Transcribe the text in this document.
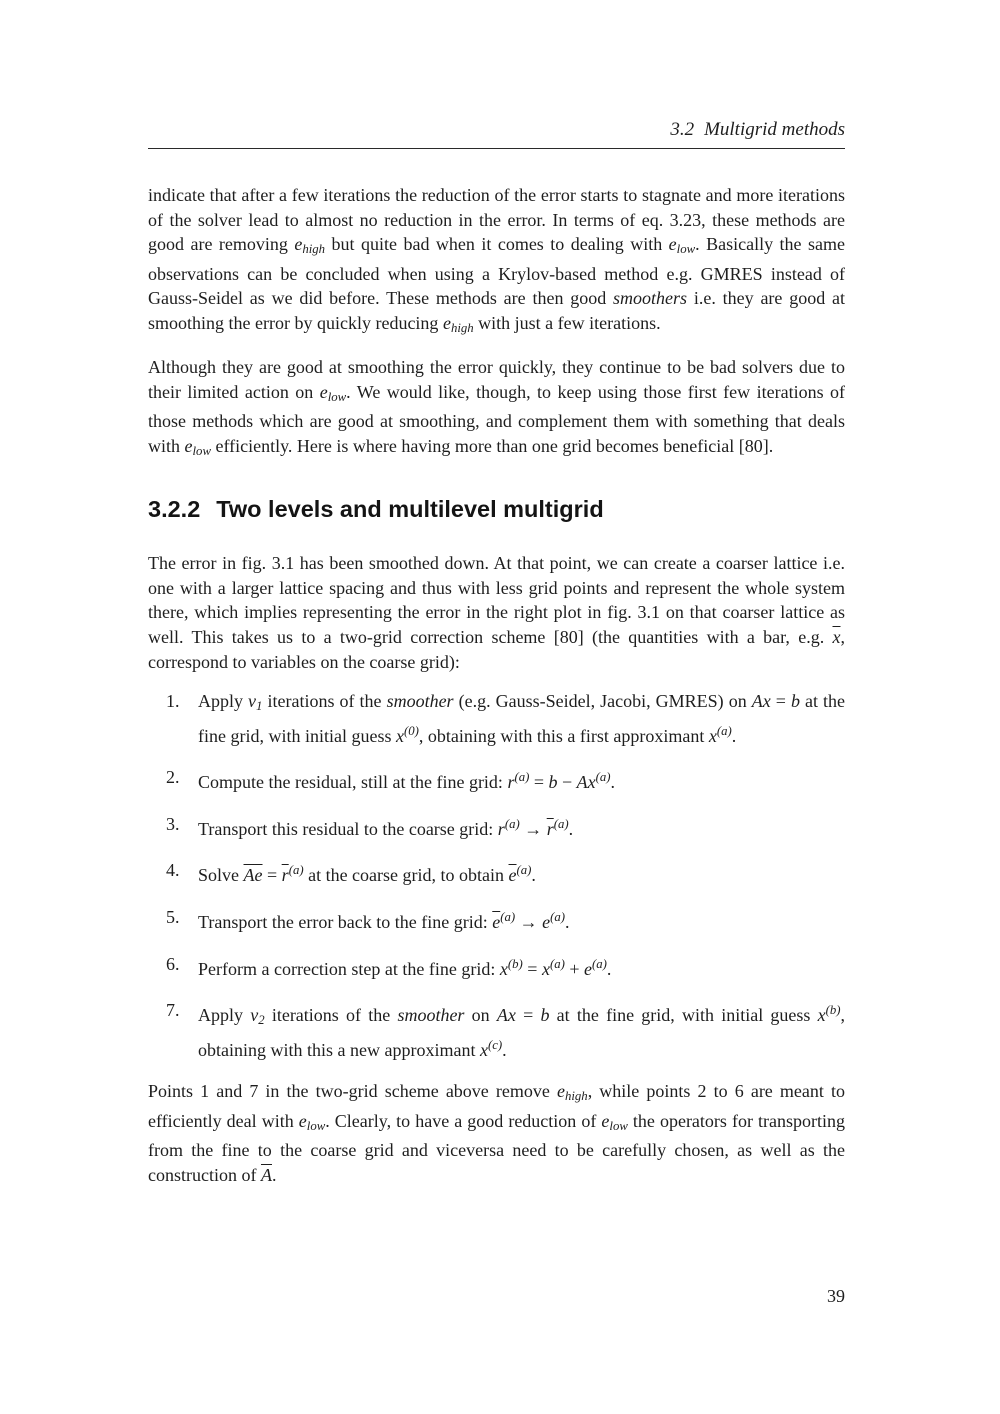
3.2 Multigrid methods

indicate that after a few iterations the reduction of the error starts to stagnate and more iterations of the solver lead to almost no reduction in the error. In terms of eq. 3.23, these methods are good are removing ehigh but quite bad when it comes to dealing with elow. Basically the same observations can be concluded when using a Krylov-based method e.g. GMRES instead of Gauss-Seidel as we did before. These methods are then good smoothers i.e. they are good at smoothing the error by quickly reducing ehigh with just a few iterations.

Although they are good at smoothing the error quickly, they continue to be bad solvers due to their limited action on elow. We would like, though, to keep using those first few iterations of those methods which are good at smoothing, and complement them with something that deals with elow efficiently. Here is where having more than one grid becomes beneficial [80].

3.2.2 Two levels and multilevel multigrid

The error in fig. 3.1 has been smoothed down. At that point, we can create a coarser lattice i.e. one with a larger lattice spacing and thus with less grid points and represent the whole system there, which implies representing the error in the right plot in fig. 3.1 on that coarser lattice as well. This takes us to a two-grid correction scheme [80] (the quantities with a bar, e.g. $\overline{x}$, correspond to variables on the coarse grid):

1. Apply ν1 iterations of the smoother (e.g. Gauss-Seidel, Jacobi, GMRES) on Ax = b at the fine grid, with initial guess $x^{(0)}$, obtaining with this a first approximant $x^{(a)}$.
2. Compute the residual, still at the fine grid: $r^{(a)} = b - Ax^{(a)}$.
3. Transport this residual to the coarse grid: $r^{(a)} \to \overline{r}^{(a)}$.
4. Solve $\overline{A}\overline{e} = \overline{r}^{(a)}$ at the coarse grid, to obtain $\overline{e}^{(a)}$.
5. Transport the error back to the fine grid: $\overline{e}^{(a)} \to e^{(a)}$.
6. Perform a correction step at the fine grid: $x^{(b)} = x^{(a)} + e^{(a)}$.
7. Apply ν2 iterations of the smoother on Ax = b at the fine grid, with initial guess $x^{(b)}$, obtaining with this a new approximant $x^{(c)}$.

Points 1 and 7 in the two-grid scheme above remove ehigh, while points 2 to 6 are meant to efficiently deal with elow. Clearly, to have a good reduction of elow the operators for transporting from the fine to the coarse grid and viceversa need to be carefully chosen, as well as the construction of $\overline{A}$.

39
